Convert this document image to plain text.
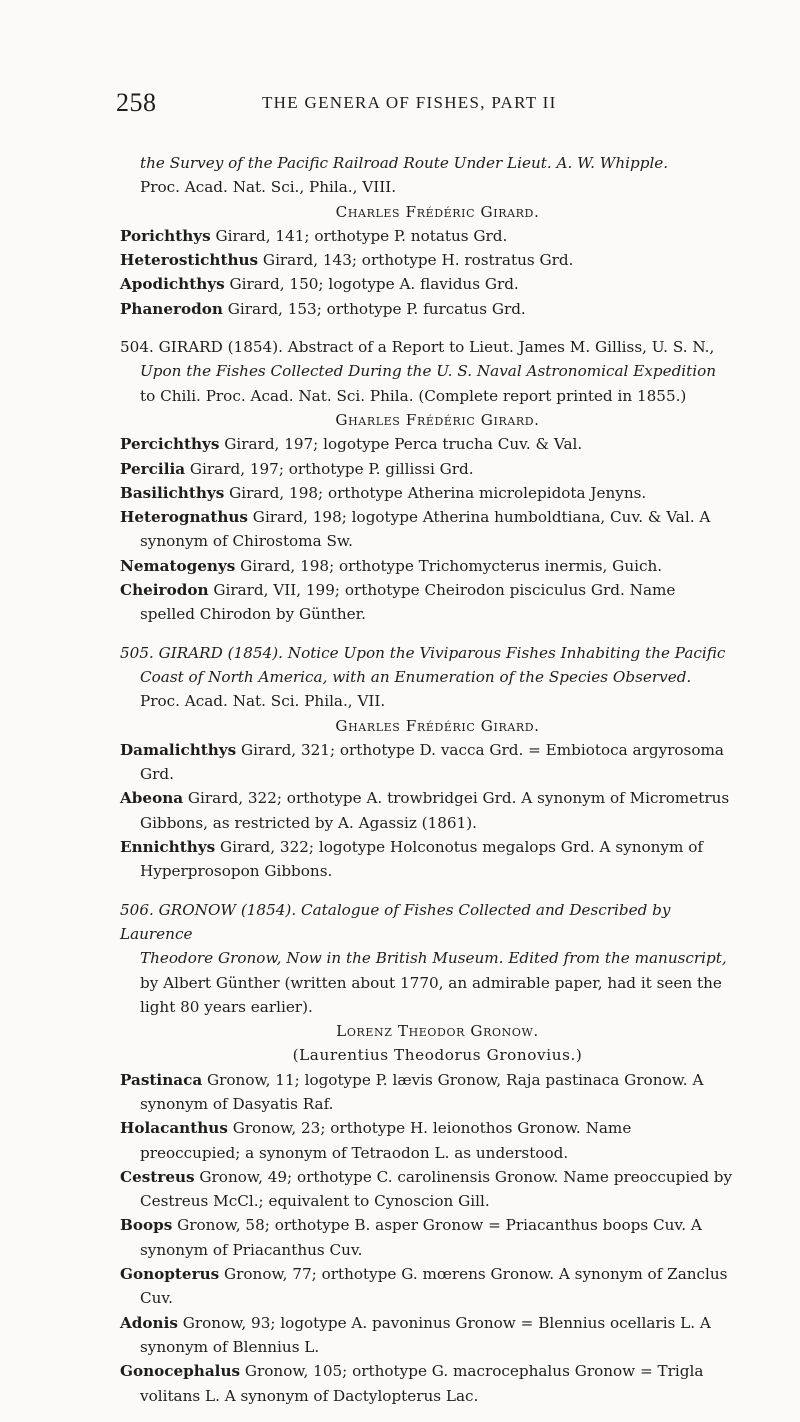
258	THE GENERA OF FISHES, PART II

the Survey of the Pacific Railroad Route Under Lieut. A. W. Whipple.

Proc. Acad. Nat. Sci., Phila., VIII.

Charles Frédéric Girard.

Porichthys Girard, 141; orthotype P. notatus Grd.

Heterostichthus Girard, 143; orthotype H. rostratus Grd.

Apodichthys Girard, 150; logotype A. flavidus Grd.

Phanerodon Girard, 153; orthotype P. furcatus Grd.

504. GIRARD (1854). Abstract of a Report to Lieut. James M. Gilliss, U. S. N.,

Upon the Fishes Collected During the U. S. Naval Astronomical Expedition

to Chili. Proc. Acad. Nat. Sci. Phila. (Complete report printed in 1855.)

Gharles Frédéric Girard.

Percichthys Girard, 197; logotype Perca trucha Cuv. & Val.

Percilia Girard, 197; orthotype P. gillissi Grd.

Basilichthys Girard, 198; orthotype Atherina microlepidota Jenyns.

Heterognathus Girard, 198; logotype Atherina humboldtiana, Cuv. & Val. A synonym of Chirostoma Sw.

Nematogenys Girard, 198; orthotype Trichomycterus inermis, Guich.

Cheirodon Girard, VII, 199; orthotype Cheirodon pisciculus Grd. Name spelled Chirodon by Günther.

505. GIRARD (1854). Notice Upon the Viviparous Fishes Inhabiting the Pacific

Coast of North America, with an Enumeration of the Species Observed.

Proc. Acad. Nat. Sci. Phila., VII.

Gharles Frédéric Girard.

Damalichthys Girard, 321; orthotype D. vacca Grd. = Embiotoca argyrosoma Grd.

Abeona Girard, 322; orthotype A. trowbridgei Grd. A synonym of Micrometrus Gibbons, as restricted by A. Agassiz (1861).

Ennichthys Girard, 322; logotype Holconotus megalops Grd. A synonym of Hyperprosopon Gibbons.

506. GRONOW (1854). Catalogue of Fishes Collected and Described by Laurence

Theodore Gronow, Now in the British Museum. Edited from the manuscript,

by Albert Günther (written about 1770, an admirable paper, had it seen the

light 80 years earlier).

Lorenz Theodor Gronow.

(Laurentius Theodorus Gronovius.)

Pastinaca Gronow, 11; logotype P. lævis Gronow, Raja pastinaca Gronow. A synonym of Dasyatis Raf.

Holacanthus Gronow, 23; orthotype H. leionothos Gronow. Name preoccupied; a synonym of Tetraodon L. as understood.

Cestreus Gronow, 49; orthotype C. carolinensis Gronow. Name preoccupied by Cestreus McCl.; equivalent to Cynoscion Gill.

Boops Gronow, 58; orthotype B. asper Gronow = Priacanthus boops Cuv. A synonym of Priacanthus Cuv.

Gonopterus Gronow, 77; orthotype G. mœrens Gronow. A synonym of Zanclus Cuv.

Adonis Gronow, 93; logotype A. pavoninus Gronow = Blennius ocellaris L. A synonym of Blennius L.

Gonocephalus Gronow, 105; orthotype G. macrocephalus Gronow = Trigla volitans L. A synonym of Dactylopterus Lac.
